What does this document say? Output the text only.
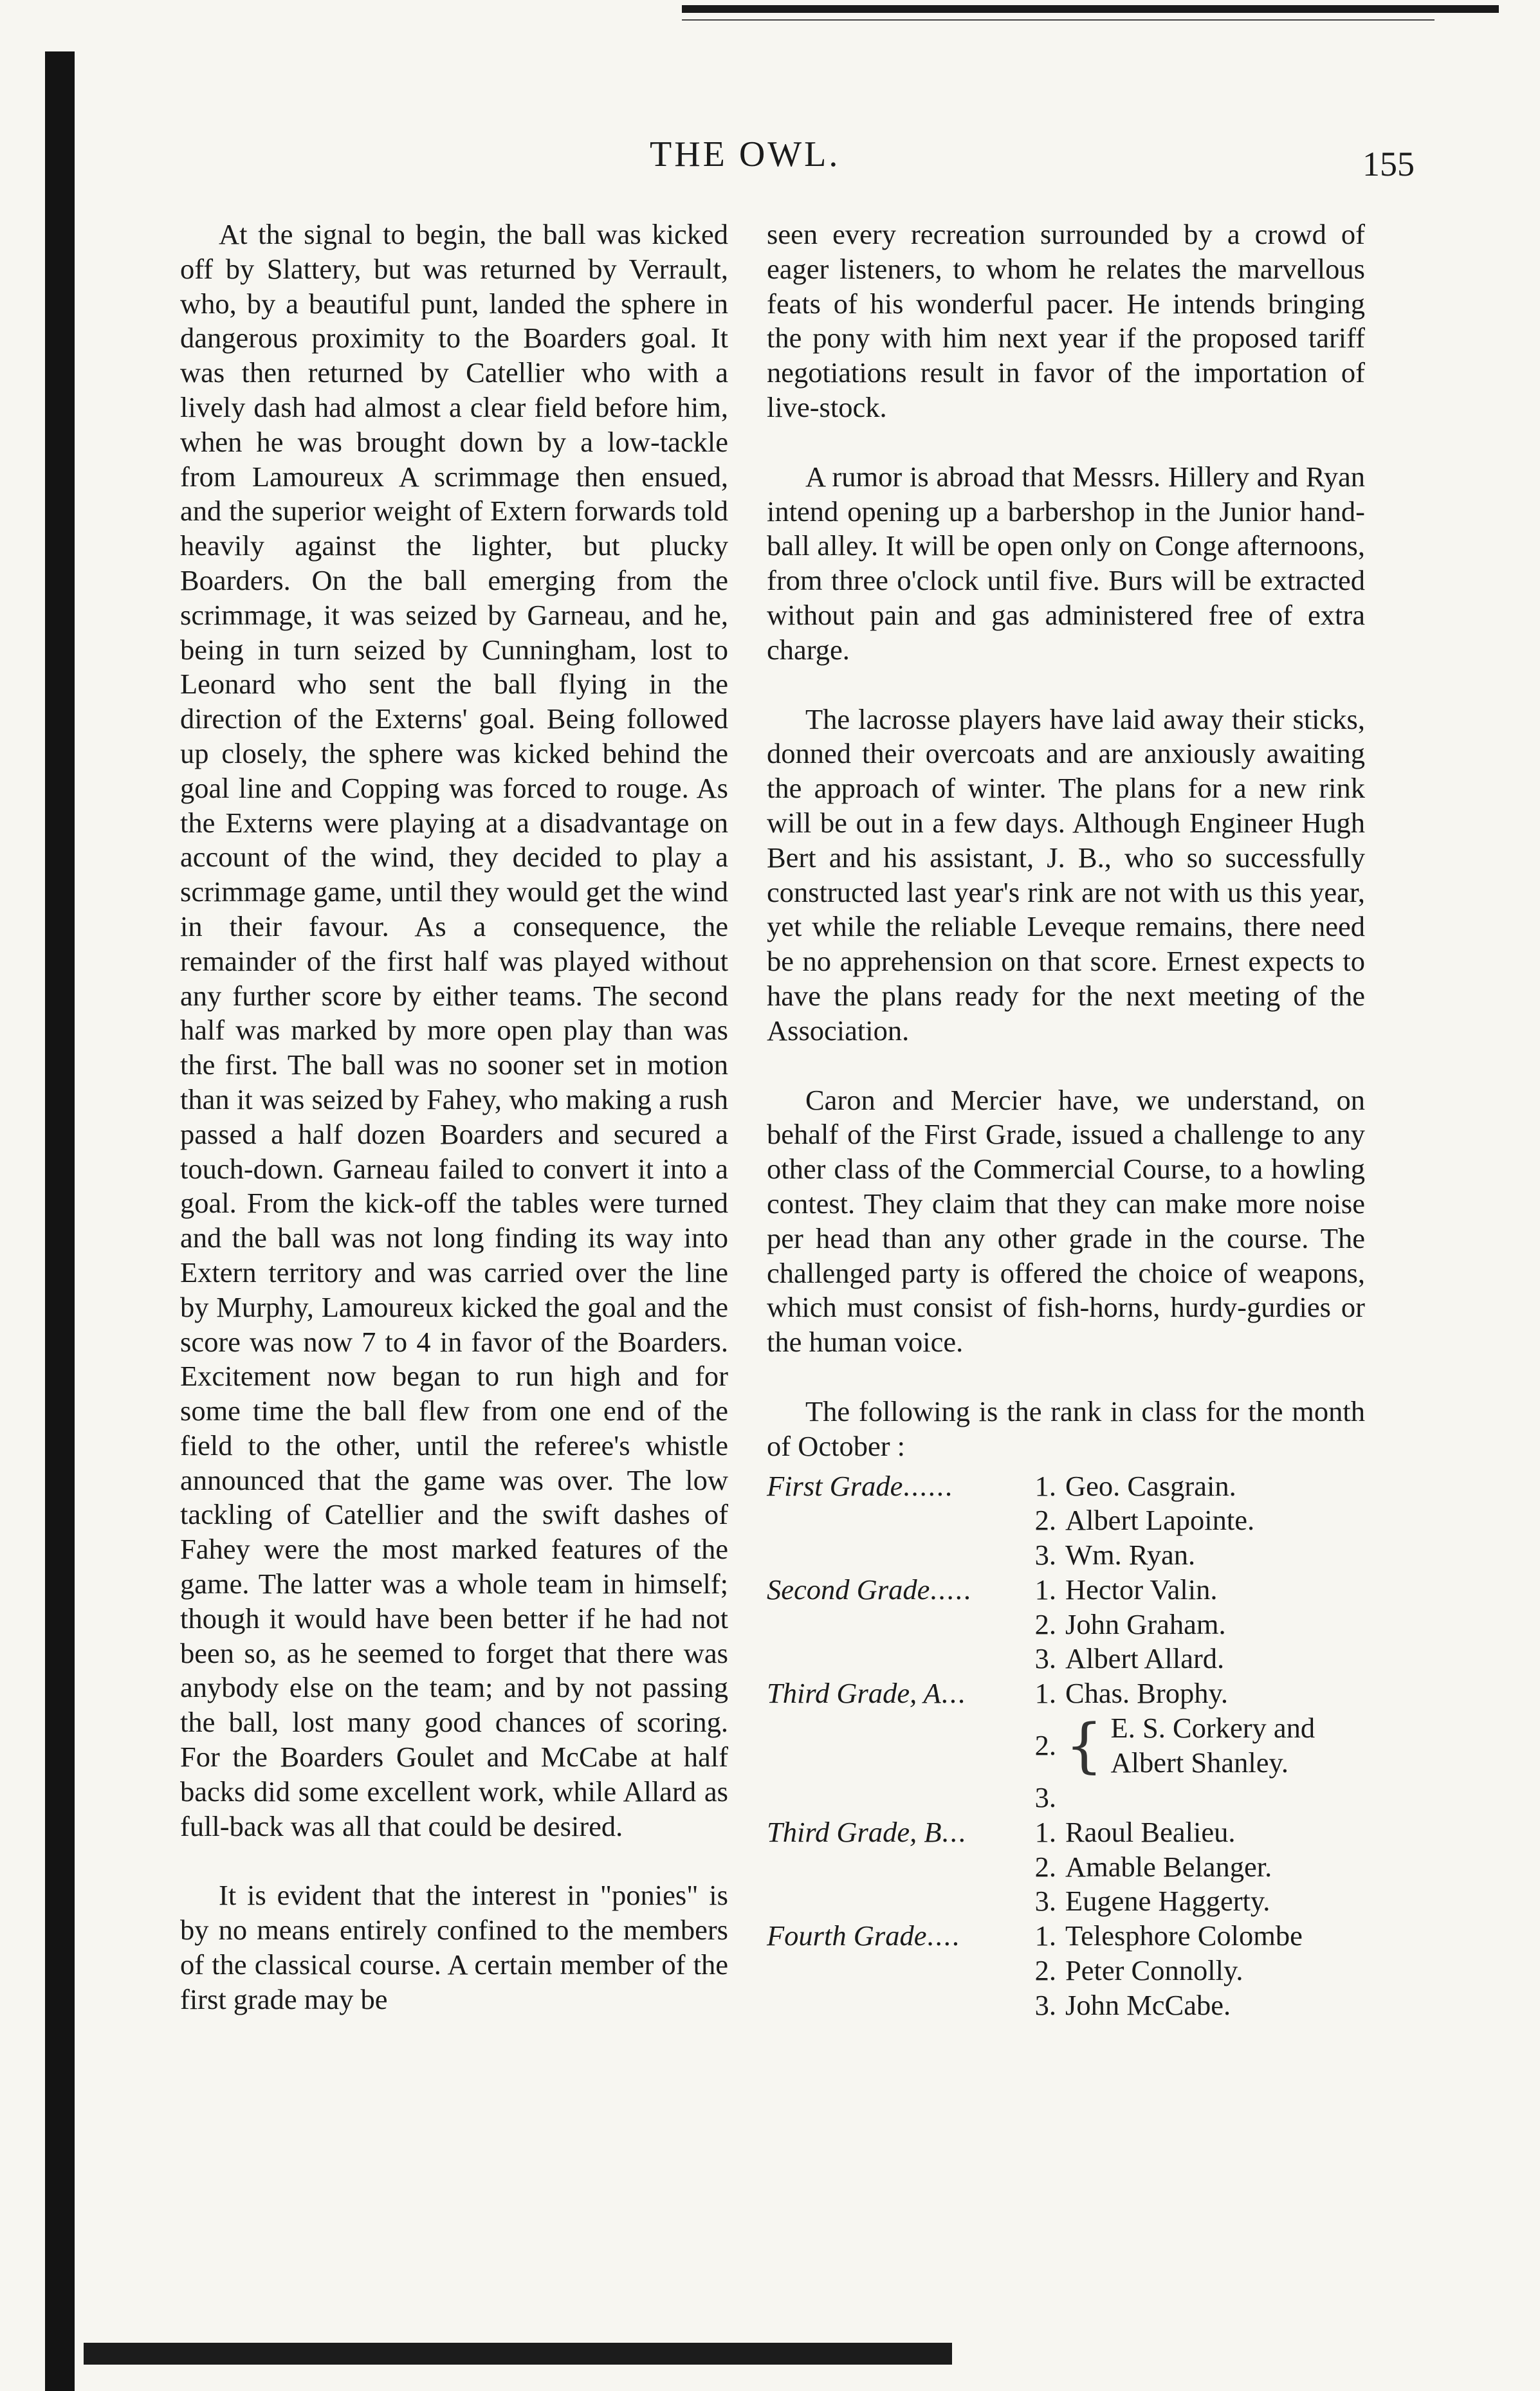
THE OWL.	155

At the signal to begin, the ball was kicked off by Slattery, but was returned by Verrault, who, by a beautiful punt, landed the sphere in dangerous proximity to the Boarders goal. It was then returned by Catellier who with a lively dash had almost a clear field before him, when he was brought down by a low-tackle from Lamoureux A scrimmage then ensued, and the superior weight of Extern forwards told heavily against the lighter, but plucky Boarders. On the ball emerging from the scrimmage, it was seized by Garneau, and he, being in turn seized by Cunningham, lost to Leonard who sent the ball flying in the direction of the Externs' goal. Being followed up closely, the sphere was kicked behind the goal line and Copping was forced to rouge. As the Externs were playing at a disadvantage on account of the wind, they decided to play a scrimmage game, until they would get the wind in their favour. As a consequence, the remainder of the first half was played without any further score by either teams. The second half was marked by more open play than was the first. The ball was no sooner set in motion than it was seized by Fahey, who making a rush passed a half dozen Boarders and secured a touch-down. Garneau failed to convert it into a goal. From the kick-off the tables were turned and the ball was not long finding its way into Extern territory and was carried over the line by Murphy, Lamoureux kicked the goal and the score was now 7 to 4 in favor of the Boarders. Excitement now began to run high and for some time the ball flew from one end of the field to the other, until the referee's whistle announced that the game was over. The low tackling of Catellier and the swift dashes of Fahey were the most marked features of the game. The latter was a whole team in himself; though it would have been better if he had not been so, as he seemed to forget that there was anybody else on the team; and by not passing the ball, lost many good chances of scoring. For the Boarders Goulet and McCabe at half backs did some excellent work, while Allard as full-back was all that could be desired.

It is evident that the interest in "ponies" is by no means entirely confined to the members of the classical course. A certain member of the first grade may be

seen every recreation surrounded by a crowd of eager listeners, to whom he relates the marvellous feats of his wonderful pacer. He intends bringing the pony with him next year if the proposed tariff negotiations result in favor of the importation of live-stock.

A rumor is abroad that Messrs. Hillery and Ryan intend opening up a barbershop in the Junior hand-ball alley. It will be open only on Conge afternoons, from three o'clock until five. Burs will be extracted without pain and gas administered free of extra charge.

The lacrosse players have laid away their sticks, donned their overcoats and are anxiously awaiting the approach of winter. The plans for a new rink will be out in a few days. Although Engineer Hugh Bert and his assistant, J. B., who so successfully constructed last year's rink are not with us this year, yet while the reliable Leveque remains, there need be no apprehension on that score. Ernest expects to have the plans ready for the next meeting of the Association.

Caron and Mercier have, we understand, on behalf of the First Grade, issued a challenge to any other class of the Commercial Course, to a howling contest. They claim that they can make more noise per head than any other grade in the course. The challenged party is offered the choice of weapons, which must consist of fish-horns, hurdy-gurdies or the human voice.

The following is the rank in class for the month of October :

First Grade......	1. Geo. Casgrain.
2. Albert Lapointe.
3. Wm. Ryan.
Second Grade.....	1. Hector Valin.
2. John Graham.
3. Albert Allard.
Third Grade, A...	1. Chas. Brophy.
2. { E. S. Corkery and
Albert Shanley.
3.
Third Grade, B...	1. Raoul Bealieu.
2. Amable Belanger.
3. Eugene Haggerty.
Fourth Grade....	1. Telesphore Colombe
2. Peter Connolly.
3. John McCabe.
